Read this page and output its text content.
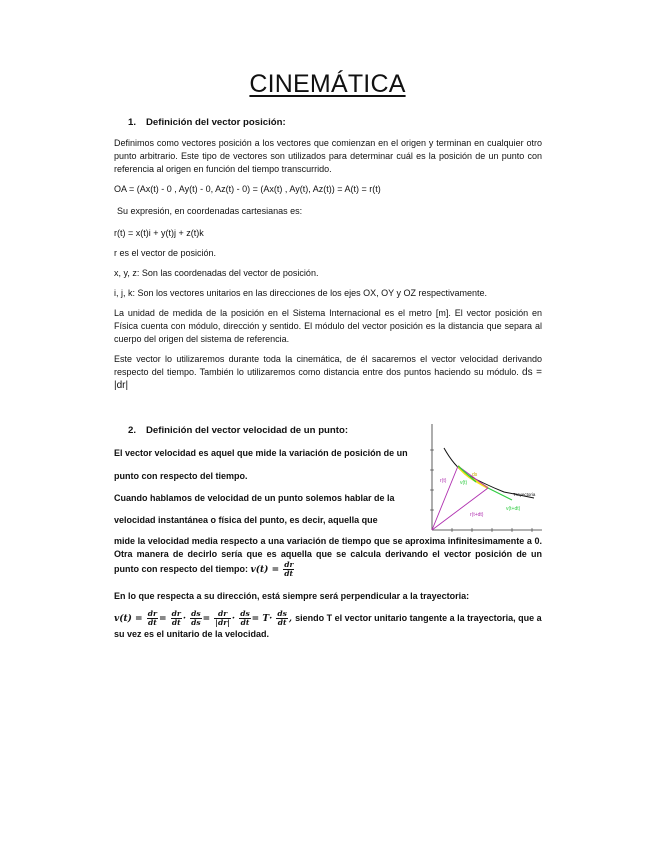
CINEMÁTICA
1. Definición del vector posición:
Definimos como vectores posición a los vectores que comienzan en el origen y terminan en cualquier otro punto arbitrario. Este tipo de vectores son utilizados para determinar cuál es la posición de un punto con referencia al origen en función del tiempo transcurrido.
OA = (Ax(t) - 0 , Ay(t) - 0, Az(t) - 0) = (Ax(t) , Ay(t), Az(t)) = A(t) = r(t)
Su expresión, en coordenadas cartesianas es:
r(t) = x(t)i + y(t)j + z(t)k
r es el vector de posición.
x, y, z: Son las coordenadas del vector de posición.
i, j, k: Son los vectores unitarios en las direcciones de los ejes OX, OY y OZ respectivamente.
La unidad de medida de la posición en el Sistema Internacional es el metro [m]. El vector posición en Física cuenta con módulo, dirección y sentido. El módulo del vector posición es la distancia que separa al cuerpo del origen del sistema de referencia.
Este vector lo utilizaremos durante toda la cinemática, de él sacaremos el vector velocidad derivando respecto del tiempo. También lo utilizaremos como distancia entre dos puntos haciendo su módulo. ds = |dr|
2. Definición del vector velocidad de un punto:
El vector velocidad es aquel que mide la variación de posición de un
punto con respecto del tiempo.
Cuando hablamos de velocidad de un punto solemos hablar de la
velocidad instantánea o física del punto, es decir, aquella que
mide la velocidad media respecto a una variación de tiempo que se aproxima infinitesimamente a 0. Otra manera de decirlo sería que es aquella que se calcula derivando el vector posición de un punto con respecto del tiempo: $v(t) = \frac{dr}{dt}$
En lo que respecta a su dirección, está siempre será perpendicular a la trayectoria:
$v(t) = \frac{dr}{dt} = \frac{dr}{dt} \cdot \frac{ds}{ds} = \frac{dr}{|dr|} \cdot \frac{ds}{dt} = T\cdot \frac{ds}{dt}$ , siendo T el vector unitario tangente a la trayectoria, que a su vez es el unitario de la velocidad.
r(t)
r(t+dt)
v(t)
v(t+dt)
ds
Trayectoria
